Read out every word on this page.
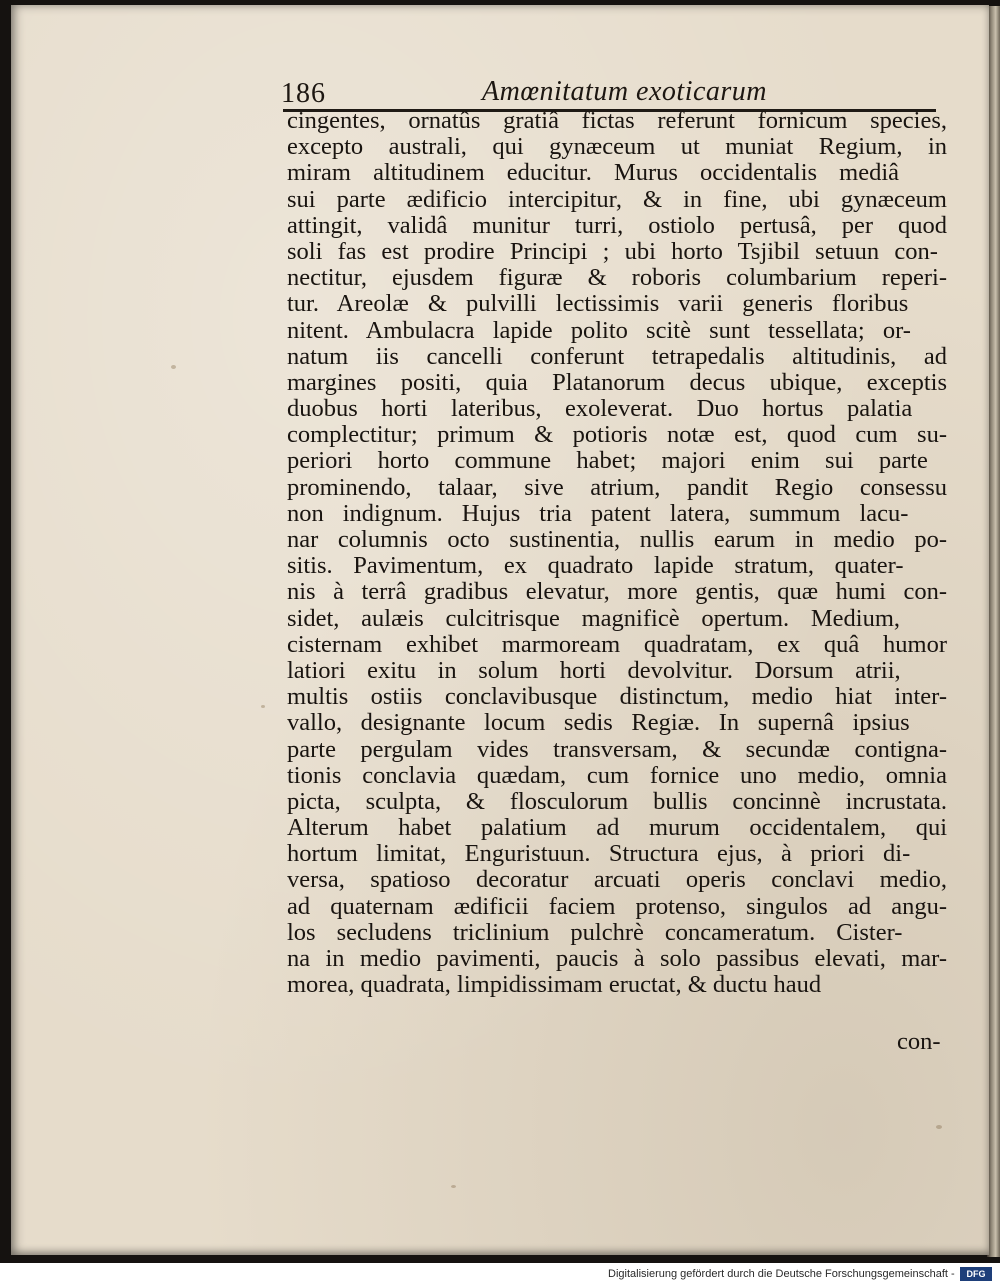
186	Amœnitatum exoticarum
cingentes, ornatûs gratiâ fictas referunt fornicum species,
excepto australi, qui gynæceum ut muniat Regium, in
miram altitudinem educitur. Murus occidentalis mediâ
sui parte ædificio intercipitur, & in fine, ubi gynæceum
attingit, validâ munitur turri, ostiolo pertusâ, per quod
soli fas est prodire Principi ; ubi horto Tsjibil setuun con-
nectitur, ejusdem figuræ & roboris columbarium reperi-
tur. Areolæ & pulvilli lectissimis varii generis floribus
nitent. Ambulacra lapide polito scitè sunt tessellata; or-
natum iis cancelli conferunt tetrapedalis altitudinis, ad
margines positi, quia Platanorum decus ubique, exceptis
duobus horti lateribus, exoleverat. Duo hortus palatia
complectitur; primum & potioris notæ est, quod cum su-
periori horto commune habet; majori enim sui parte
prominendo, talaar, sive atrium, pandit Regio consessu
non indignum. Hujus tria patent latera, summum lacu-
nar columnis octo sustinentia, nullis earum in medio po-
sitis. Pavimentum, ex quadrato lapide stratum, quater-
nis à terrâ gradibus elevatur, more gentis, quæ humi con-
sidet, aulæis culcitrisque magnificè opertum. Medium,
cisternam exhibet marmoream quadratam, ex quâ humor
latiori exitu in solum horti devolvitur. Dorsum atrii,
multis ostiis conclavibusque distinctum, medio hiat inter-
vallo, designante locum sedis Regiæ. In supernâ ipsius
parte pergulam vides transversam, & secundæ contigna-
tionis conclavia quædam, cum fornice uno medio, omnia
picta, sculpta, & flosculorum bullis concinnè incrustata.
Alterum habet palatium ad murum occidentalem, qui
hortum limitat, Enguristuun. Structura ejus, à priori di-
versa, spatioso decoratur arcuati operis conclavi medio,
ad quaternam ædificii faciem protenso, singulos ad angu-
los secludens triclinium pulchrè concameratum. Cister-
na in medio pavimenti, paucis à solo passibus elevati, mar-
morea, quadrata, limpidissimam eructat, & ductu haud
con-
Digitalisierung gefördert durch die Deutsche Forschungsgemeinschaft -	DFG
